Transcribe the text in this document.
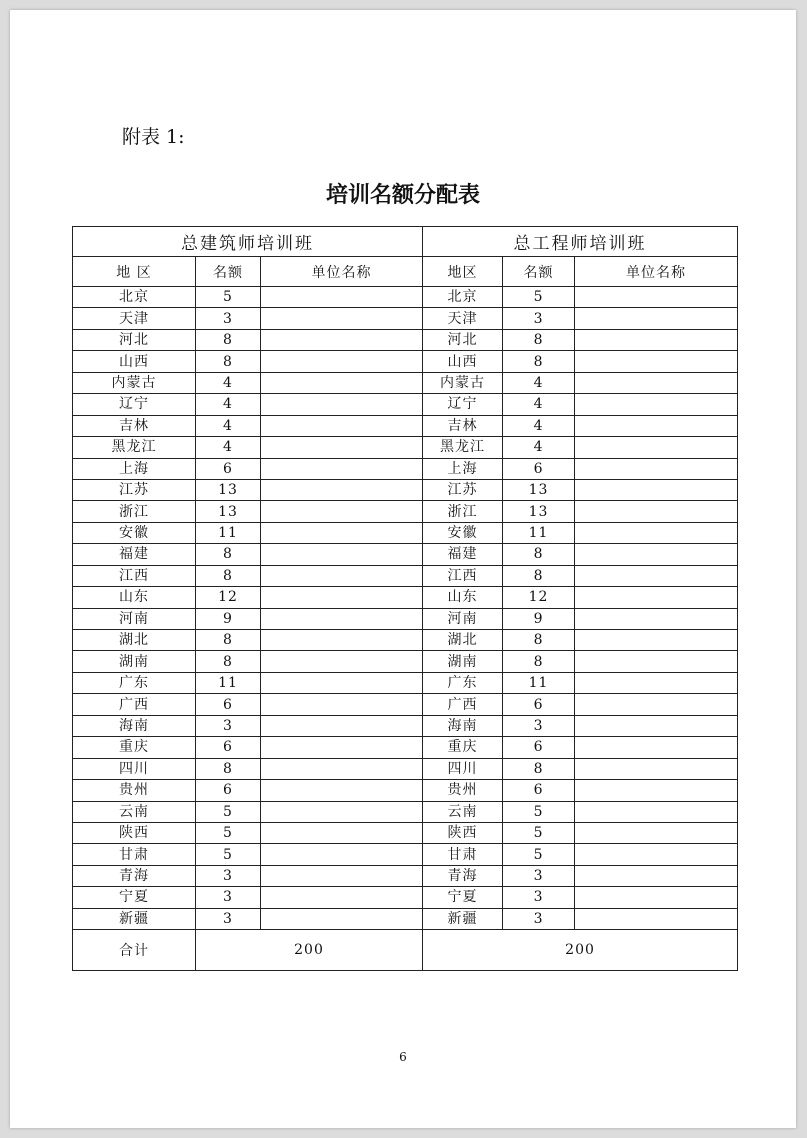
附表 1:
培训名额分配表
总建筑师培训班			总工程师培训班		
地 区	名额	单位名称	地区	名额	单位名称
北京	5		北京	5	
天津	3		天津	3	
河北	8		河北	8	
山西	8		山西	8	
内蒙古	4		内蒙古	4	
辽宁	4		辽宁	4	
吉林	4		吉林	4	
黑龙江	4		黑龙江	4	
上海	6		上海	6	
江苏	13		江苏	13	
浙江	13		浙江	13	
安徽	11		安徽	11	
福建	8		福建	8	
江西	8		江西	8	
山东	12		山东	12	
河南	9		河南	9	
湖北	8		湖北	8	
湖南	8		湖南	8	
广东	11		广东	11	
广西	6		广西	6	
海南	3		海南	3	
重庆	6		重庆	6	
四川	8		四川	8	
贵州	6		贵州	6	
云南	5		云南	5	
陕西	5		陕西	5	
甘肃	5		甘肃	5	
青海	3		青海	3	
宁夏	3		宁夏	3	
新疆	3		新疆	3	
合计	200		200		
6
